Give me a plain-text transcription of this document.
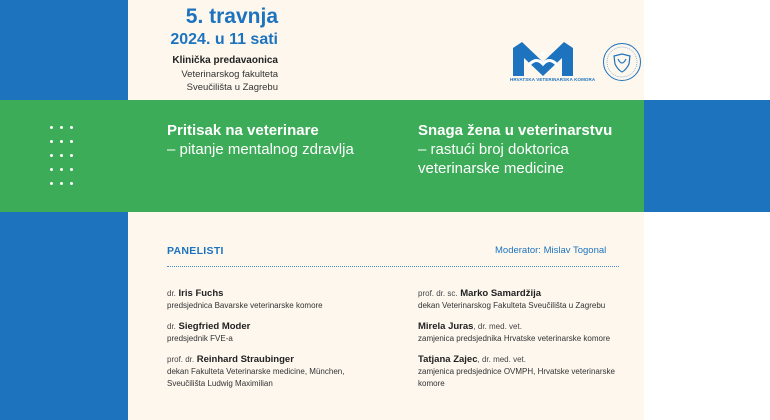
5. travnja
2024. u 11 sati
Klinička predavaonica
Veterinarskog fakulteta
Sveučilišta u Zagrebu
HRVATSKA VETERINARSKA KOMORA
Pritisak na veterinare
– pitanje mentalnog zdravlja
Snaga žena u veterinarstvu
– rastući broj doktorica veterinarske medicine
PANELISTI	Moderator: Mislav Togonal
dr. Iris Fuchs
predsjednica Bavarske veterinarske komore
dr. Siegfried Moder
predsjednik FVE-a
prof. dr. Reinhard Straubinger
dekan Fakulteta Veterinarske medicine, München, Sveučilišta Ludwig Maximilian
prof. dr. sc. Marko Samardžija
dekan Veterinarskog Fakulteta Sveučilišta u Zagrebu
Mirela Juras, dr. med. vet.
zamjenica predsjednika Hrvatske veterinarske komore
Tatjana Zajec, dr. med. vet.
zamjenica predsjednice OVMPH, Hrvatske veterinarske komore
